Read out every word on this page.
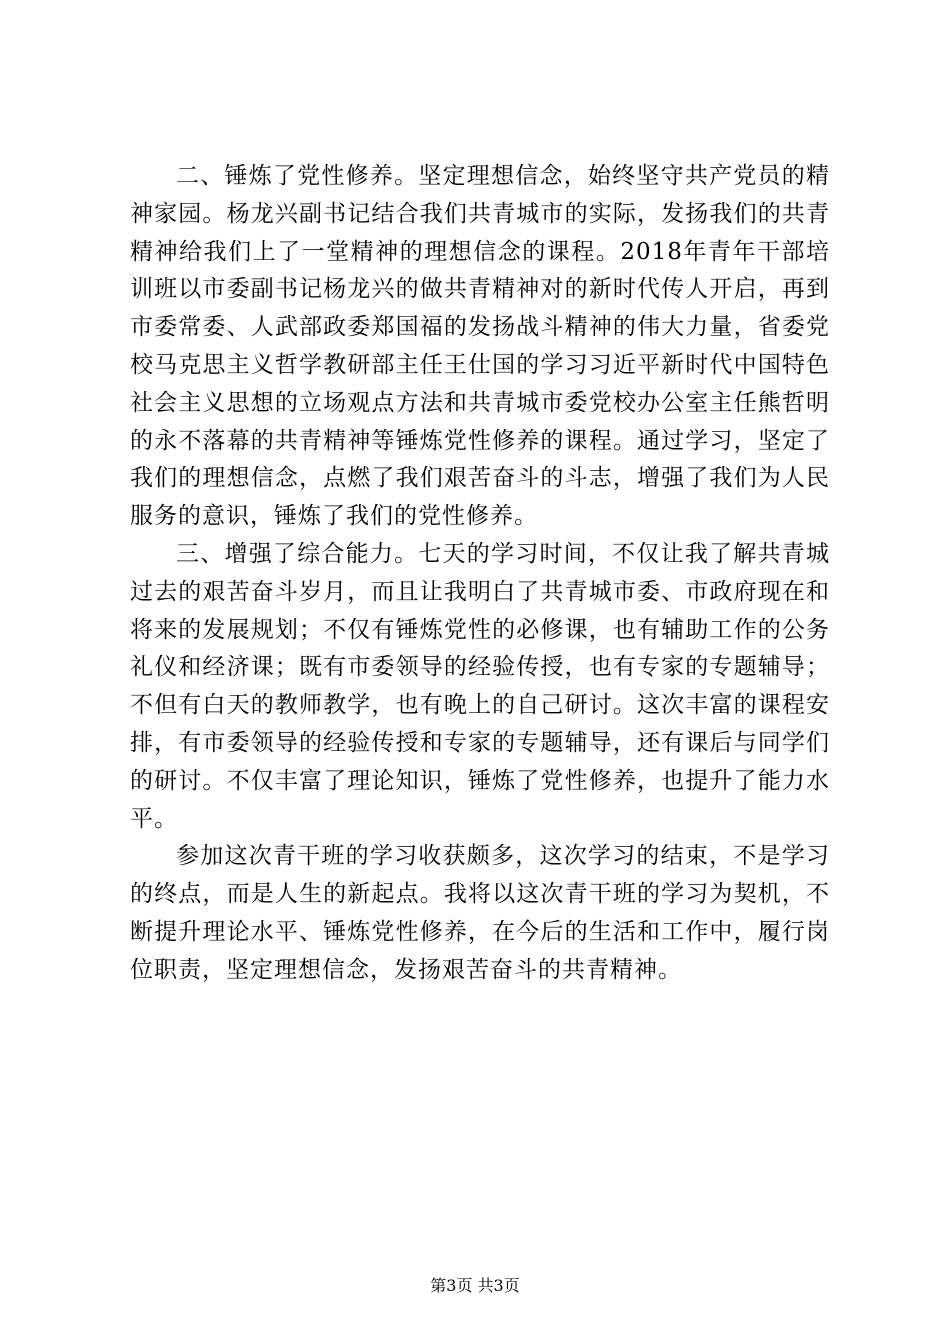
二、锤炼了党性修养。坚定理想信念，始终坚守共产党员的精神家园。杨龙兴副书记结合我们共青城市的实际，发扬我们的共青精神给我们上了一堂精神的理想信念的课程。2018年青年干部培训班以市委副书记杨龙兴的做共青精神对的新时代传人开启，再到市委常委、人武部政委郑国福的发扬战斗精神的伟大力量，省委党校马克思主义哲学教研部主任王仕国的学习习近平新时代中国特色社会主义思想的立场观点方法和共青城市委党校办公室主任熊哲明的永不落幕的共青精神等锤炼党性修养的课程。通过学习，坚定了我们的理想信念，点燃了我们艰苦奋斗的斗志，增强了我们为人民服务的意识，锤炼了我们的党性修养。

三、增强了综合能力。七天的学习时间，不仅让我了解共青城过去的艰苦奋斗岁月，而且让我明白了共青城市委、市政府现在和将来的发展规划；不仅有锤炼党性的必修课，也有辅助工作的公务礼仪和经济课；既有市委领导的经验传授，也有专家的专题辅导；不但有白天的教师教学，也有晚上的自己研讨。这次丰富的课程安排，有市委领导的经验传授和专家的专题辅导，还有课后与同学们的研讨。不仅丰富了理论知识，锤炼了党性修养，也提升了能力水平。

参加这次青干班的学习收获颇多，这次学习的结束，不是学习的终点，而是人生的新起点。我将以这次青干班的学习为契机，不断提升理论水平、锤炼党性修养，在今后的生活和工作中，履行岗位职责，坚定理想信念，发扬艰苦奋斗的共青精神。

第3页 共3页
